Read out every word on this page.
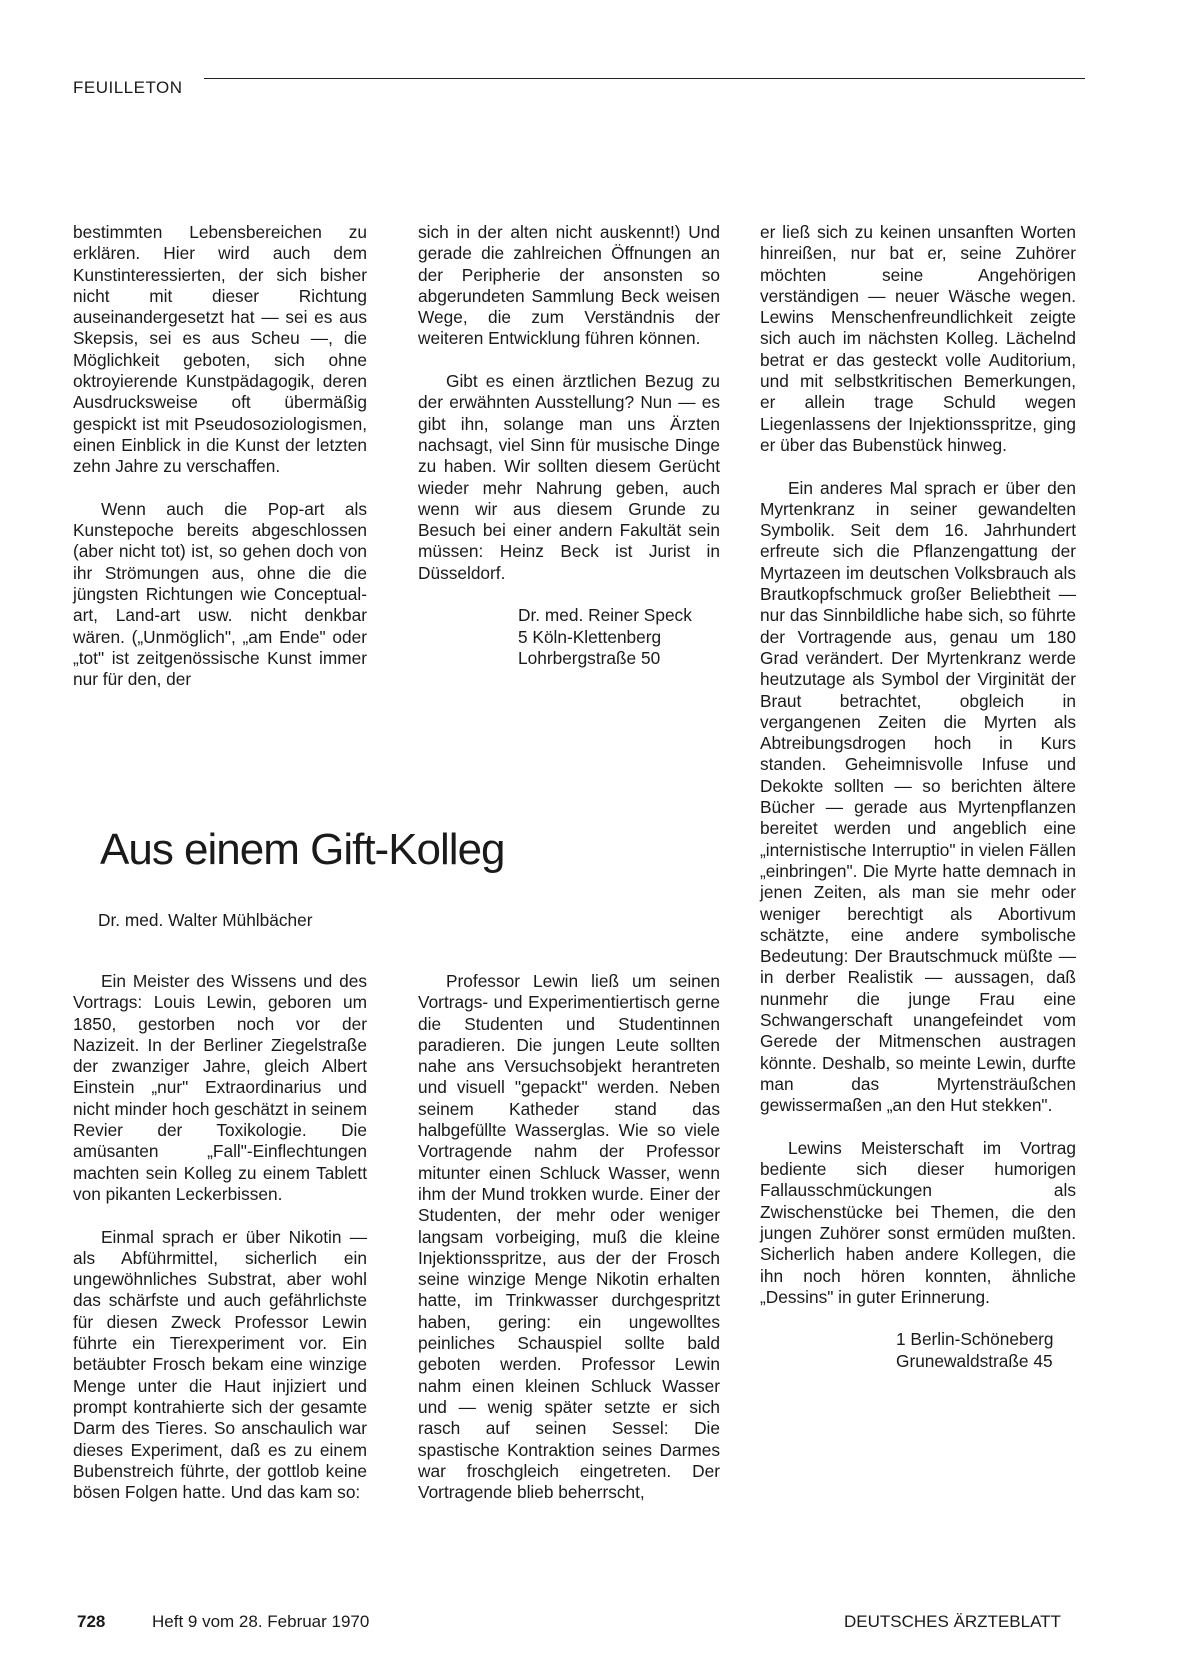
FEUILLETON

bestimmten Lebensbereichen zu erklären. Hier wird auch dem Kunstinteressierten, der sich bisher nicht mit dieser Richtung auseinandergesetzt hat — sei es aus Skepsis, sei es aus Scheu —, die Möglichkeit geboten, sich ohne oktroyierende Kunstpädagogik, deren Ausdrucksweise oft übermäßig gespickt ist mit Pseudosoziologismen, einen Einblick in die Kunst der letzten zehn Jahre zu verschaffen.

Wenn auch die Pop-art als Kunstepoche bereits abgeschlossen (aber nicht tot) ist, so gehen doch von ihr Strömungen aus, ohne die die jüngsten Richtungen wie Conceptual-art, Land-art usw. nicht denkbar wären. („Unmöglich", „am Ende" oder „tot" ist zeitgenössische Kunst immer nur für den, der

sich in der alten nicht auskennt!) Und gerade die zahlreichen Öffnungen an der Peripherie der ansonsten so abgerundeten Sammlung Beck weisen Wege, die zum Verständnis der weiteren Entwicklung führen können.

Gibt es einen ärztlichen Bezug zu der erwähnten Ausstellung? Nun — es gibt ihn, solange man uns Ärzten nachsagt, viel Sinn für musische Dinge zu haben. Wir sollten diesem Gerücht wieder mehr Nahrung geben, auch wenn wir aus diesem Grunde zu Besuch bei einer andern Fakultät sein müssen: Heinz Beck ist Jurist in Düsseldorf.

Dr. med. Reiner Speck
5 Köln-Klettenberg
Lohrbergstraße 50
Aus einem Gift-Kolleg
Dr. med. Walter Mühlbächer

Ein Meister des Wissens und des Vortrags: Louis Lewin, geboren um 1850, gestorben noch vor der Nazizeit. In der Berliner Ziegelstraße der zwanziger Jahre, gleich Albert Einstein „nur" Extraordinarius und nicht minder hoch geschätzt in seinem Revier der Toxikologie. Die amüsanten „Fall"-Einflechtungen machten sein Kolleg zu einem Tablett von pikanten Leckerbissen.

Einmal sprach er über Nikotin — als Abführmittel, sicherlich ein ungewöhnliches Substrat, aber wohl das schärfste und auch gefährlichste für diesen Zweck Professor Lewin führte ein Tierexperiment vor. Ein betäubter Frosch bekam eine winzige Menge unter die Haut injiziert und prompt kontrahierte sich der gesamte Darm des Tieres. So anschaulich war dieses Experiment, daß es zu einem Bubenstreich führte, der gottlob keine bösen Folgen hatte. Und das kam so:

Professor Lewin ließ um seinen Vortrags- und Experimentiertisch gerne die Studenten und Studentinnen paradieren. Die jungen Leute sollten nahe ans Versuchsobjekt herantreten und visuell "gepackt" werden. Neben seinem Katheder stand das halbgefüllte Wasserglas. Wie so viele Vortragende nahm der Professor mitunter einen Schluck Wasser, wenn ihm der Mund trokken wurde. Einer der Studenten, der mehr oder weniger langsam vorbeiging, muß die kleine Injektionsspritze, aus der der Frosch seine winzige Menge Nikotin erhalten hatte, im Trinkwasser durchgespritzt haben, gering: ein ungewolltes peinliches Schauspiel sollte bald geboten werden. Professor Lewin nahm einen kleinen Schluck Wasser und — wenig später setzte er sich rasch auf seinen Sessel: Die spastische Kontraktion seines Darmes war froschgleich eingetreten. Der Vortragende blieb beherrscht,

er ließ sich zu keinen unsanften Worten hinreißen, nur bat er, seine Zuhörer möchten seine Angehörigen verständigen — neuer Wäsche wegen. Lewins Menschenfreundlichkeit zeigte sich auch im nächsten Kolleg. Lächelnd betrat er das gesteckt volle Auditorium, und mit selbstkritischen Bemerkungen, er allein trage Schuld wegen Liegenlassens der Injektionsspritze, ging er über das Bubenstück hinweg.

Ein anderes Mal sprach er über den Myrtenkranz in seiner gewandelten Symbolik. Seit dem 16. Jahrhundert erfreute sich die Pflanzengattung der Myrtazeen im deutschen Volksbrauch als Brautkopfschmuck großer Beliebtheit — nur das Sinnbildliche habe sich, so führte der Vortragende aus, genau um 180 Grad verändert. Der Myrtenkranz werde heutzutage als Symbol der Virginität der Braut betrachtet, obgleich in vergangenen Zeiten die Myrten als Abtreibungsdrogen hoch in Kurs standen. Geheimnisvolle Infuse und Dekokte sollten — so berichten ältere Bücher — gerade aus Myrtenpflanzen bereitet werden und angeblich eine „internistische Interruptio" in vielen Fällen „einbringen". Die Myrte hatte demnach in jenen Zeiten, als man sie mehr oder weniger berechtigt als Abortivum schätzte, eine andere symbolische Bedeutung: Der Brautschmuck müßte — in derber Realistik — aussagen, daß nunmehr die junge Frau eine Schwangerschaft unangefeindet vom Gerede der Mitmenschen austragen könnte. Deshalb, so meinte Lewin, durfte man das Myrtensträußchen gewissermaßen „an den Hut stekken".

Lewins Meisterschaft im Vortrag bediente sich dieser humorigen Fallausschmückungen als Zwischenstücke bei Themen, die den jungen Zuhörer sonst ermüden mußten. Sicherlich haben andere Kollegen, die ihn noch hören konnten, ähnliche „Dessins" in guter Erinnerung.

1 Berlin-Schöneberg
Grunewaldstraße 45
728	Heft 9 vom 28. Februar 1970	DEUTSCHES ÄRZTEBLATT
